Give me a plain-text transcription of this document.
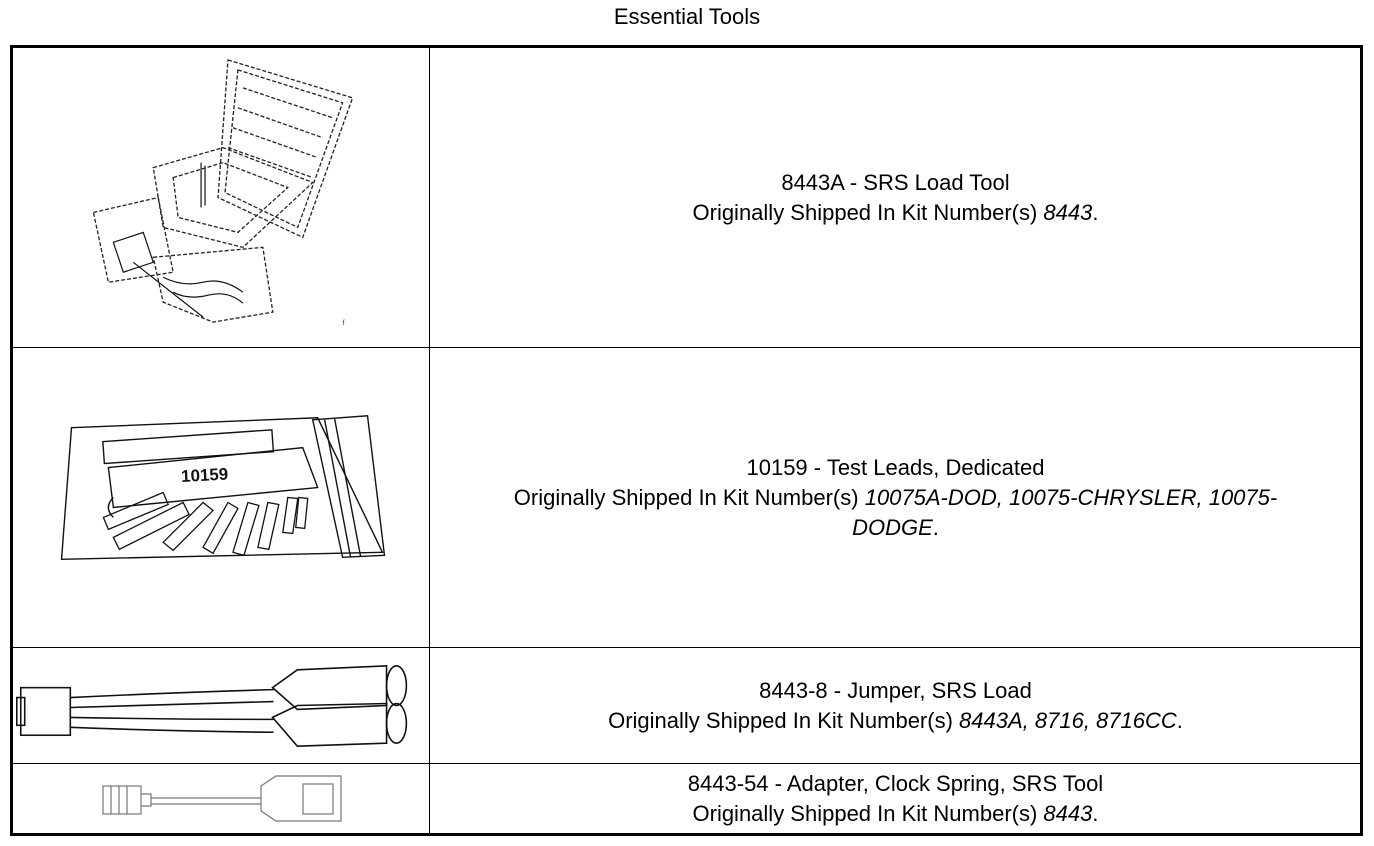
Essential Tools
f
8443A - SRS Load Tool
Originally Shipped In Kit Number(s) 8443.
10159	10159 - Test Leads, Dedicated
Originally Shipped In Kit Number(s) 10075A-DOD, 10075-CHRYSLER, 10075-DODGE.
8443-8 - Jumper, SRS Load
Originally Shipped In Kit Number(s) 8443A, 8716, 8716CC.
8443-54 - Adapter, Clock Spring, SRS Tool
Originally Shipped In Kit Number(s) 8443.
